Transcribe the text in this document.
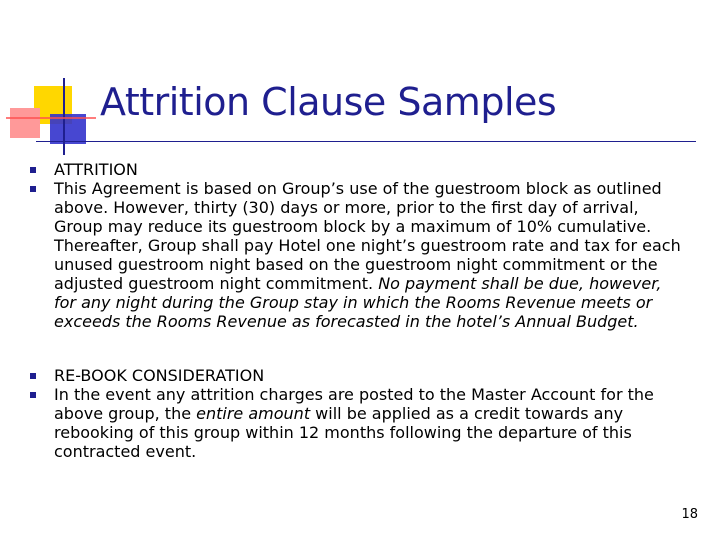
Attrition Clause Samples
ATTRITION
This Agreement is based on Group’s use of the guestroom block as outlined above. However, thirty (30) days or more, prior to the first day of arrival, Group may reduce its guestroom block by a maximum of 10% cumulative. Thereafter, Group shall pay Hotel one night’s guestroom rate and tax for each unused guestroom night based on the guestroom night commitment or the adjusted guestroom night commitment. No payment shall be due, however, for any night during the Group stay in which the Rooms Revenue meets or exceeds the Rooms Revenue as forecasted in the hotel’s Annual Budget.
RE-BOOK CONSIDERATION
In the event any attrition charges are posted to the Master Account for the above group, the entire amount will be applied as a credit towards any rebooking of this group within 12 months following the departure of this contracted event.
18
